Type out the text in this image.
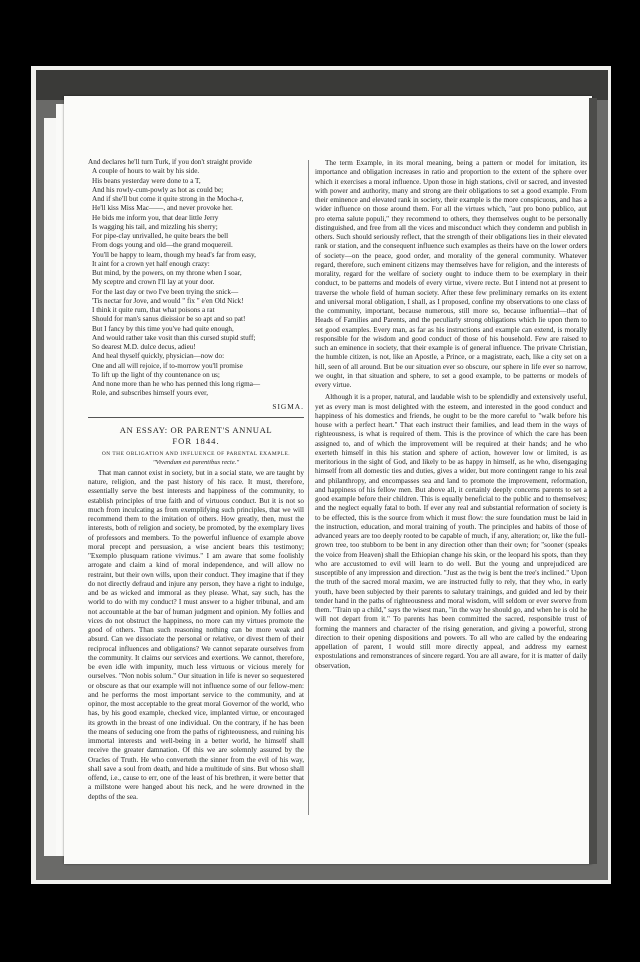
And declares he'll turn Turk, if you don't straight provide
A couple of hours to wait by his side.
His beans yesterday were done to a T,
And his rowly-cum-powly as hot as could be;
And if she'll but come it quite strong in the Mocha-r,
He'll kiss Miss Mac——, and never provoke her.
He bids me inform you, that dear little Jerry
Is wagging his tail, and mizzling his sherry;
For pipe-clay unrivalled, he quite bears the bell
From dogs young and old—the grand moquereil.
You'll be happy to learn, though my head's far from easy,
It aint for a crown yet half enough crazy:
But mind, by the powers, on my throne when I soar,
My sceptre and crown I'll lay at your door.
For the last day or two I've been trying the snick—
'Tis nectar for Jove, and would " fix " e'en Old Nick!
I think it quite rum, that what poisons a rat
Should for man's sanus dieissior be so apt and so pat!
But I fancy by this time you've had quite enough,
And would rather take vosit than this cursed stupid stuff;
So dearest M.D. dulce decus, adieu!
And heal thyself quickly, physician—now do:
One and all will rejoice, if to-morrow you'll promise
To lift up the light of thy countenance on us;
And none more than he who has penned this long rigma—
Role, and subscribes himself yours ever,
SIGMA.
AN ESSAY: OR PARENT'S ANNUAL
FOR 1844.
ON THE OBLIGATION AND INFLUENCE OF PARENTAL EXAMPLE.
"Vivendum est parentibus recte."
That man cannot exist in society, but in a social state, we are taught by nature, religion, and the past history of his race. It must, therefore, essentially serve the best interests and happiness of the community, to establish principles of true faith and of virtuous conduct. But it is not so much from inculcating as from exemplifying such principles, that we will recommend them to the imitation of others. How greatly, then, must the interests, both of religion and society, be promoted, by the exemplary lives of professors and members. To the powerful influence of example above moral precept and persuasion, a wise ancient bears this testimony; "Exemplo plusquam ratione vivimus." I am aware that some foolishly arrogate and claim a kind of moral independence, and will allow no restraint, but their own wills, upon their conduct. They imagine that if they do not directly defraud and injure any person, they have a right to indulge, and be as wicked and immoral as they please. What, say such, has the world to do with my conduct? I must answer to a higher tribunal, and am not accountable at the bar of human judgment and opinion. My follies and vices do not obstruct the happiness, no more can my virtues promote the good of others. Than such reasoning nothing can be more weak and absurd. Can we dissociate the personal or relative, or divest them of their reciprocal influences and obligations? We cannot separate ourselves from the community. It claims our services and exertions. We cannot, therefore, be even idle with impunity, much less virtuous or vicious merely for ourselves. "Non nobis solum." Our situation in life is never so sequestered or obscure as that our example will not influence some of our fellow-men: and he performs the most important service to the community, and at opinor, the most acceptable to the great moral Governor of the world, who has, by his good example, checked vice, implanted virtue, or encouraged its growth in the breast of one individual. On the contrary, if he has been the means of seducing one from the paths of righteousness, and ruining his immortal interests and well-being in a better world, he himself shall receive the greater damnation. Of this we are solemnly assured by the Oracles of Truth. He who converteth the sinner from the evil of his way, shall save a soul from death, and hide a multitude of sins. But whoso shall offend, i.e., cause to err, one of the least of his brethren, it were better that a millstone were hanged about his neck, and he were drowned in the depths of the sea.
The term Example, in its moral meaning, being a pattern or model for imitation, its importance and obligation increases in ratio and proportion to the extent of the sphere over which it exercises a moral influence. Upon those in high stations, civil or sacred, and invested with power and authority, many and strong are their obligations to set a good example. From their eminence and elevated rank in society, their example is the more conspicuous, and has a wider influence on those around them. For all the virtues which, "aut pro bono publico, aut pro eterna salute populi," they recommend to others, they themselves ought to be personally distinguished, and free from all the vices and misconduct which they condemn and publish in others. Such should seriously reflect, that the strength of their obligations lies in their elevated rank or station, and the consequent influence such examples as theirs have on the lower orders of society—on the peace, good order, and morality of the general community. Whatever regard, therefore, such eminent citizens may themselves have for religion, and the interests of morality, regard for the welfare of society ought to induce them to be exemplary in their conduct, to be patterns and models of every virtue, vivere recte. But I intend not at present to traverse the whole field of human society. After these few preliminary remarks on its extent and universal moral obligation, I shall, as I proposed, confine my observations to one class of the community, important, because numerous, still more so, because influential—that of Heads of Families and Parents, and the peculiarly strong obligations which lie upon them to set good examples. Every man, as far as his instructions and example can extend, is morally responsible for the wisdom and good conduct of those of his household. Few are raised to such an eminence in society, that their example is of general influence. The private Christian, the humble citizen, is not, like an Apostle, a Prince, or a magistrate, each, like a city set on a hill, seen of all around. But be our situation ever so obscure, our sphere in life ever so narrow, we ought, in that situation and sphere, to set a good example, to be patterns or models of every virtue.
Although it is a proper, natural, and laudable wish to be splendidly and extensively useful, yet as every man is most delighted with the esteem, and interested in the good conduct and happiness of his domestics and friends, he ought to be the more careful to "walk before his house with a perfect heart." That each instruct their families, and lead them in the ways of righteousness, is what is required of them. This is the province of which the care has been assigned to, and of which the improvement will be required at their hands; and he who exerteth himself in this his station and sphere of action, however low or limited, is as meritorious in the sight of God, and likely to be as happy in himself, as he who, disengaging himself from all domestic ties and duties, gives a wider, but more contingent range to his zeal and philanthropy, and encompasses sea and land to promote the improvement, reformation, and happiness of his fellow men. But above all, it certainly deeply concerns parents to set a good example before their children. This is equally beneficial to the public and to themselves; and the neglect equally fatal to both. If ever any real and substantial reformation of society is to be effected, this is the source from which it must flow: the sure foundation must be laid in the instruction, education, and moral training of youth. The principles and habits of those of advanced years are too deeply rooted to be capable of much, if any, alteration; or, like the full-grown tree, too stubborn to be bent in any direction other than their own; for "sooner (speaks the voice from Heaven) shall the Ethiopian change his skin, or the leopard his spots, than they who are accustomed to evil will learn to do well. But the young and unprejudiced are susceptible of any impression and direction. "Just as the twig is bent the tree's inclined." Upon the truth of the sacred moral maxim, we are instructed fully to rely, that they who, in early youth, have been subjected by their parents to salutary trainings, and guided and led by their tender hand in the paths of righteousness and moral wisdom, will seldom or ever swerve from them. "Train up a child," says the wisest man, "in the way he should go, and when he is old he will not depart from it." To parents has been committed the sacred, responsible trust of forming the manners and character of the rising generation, and giving a powerful, strong direction to their opening dispositions and powers. To all who are called by the endearing appellation of parent, I would still more directly appeal, and address my earnest expostulations and remonstrances of sincere regard. You are all aware, for it is matter of daily observation,
